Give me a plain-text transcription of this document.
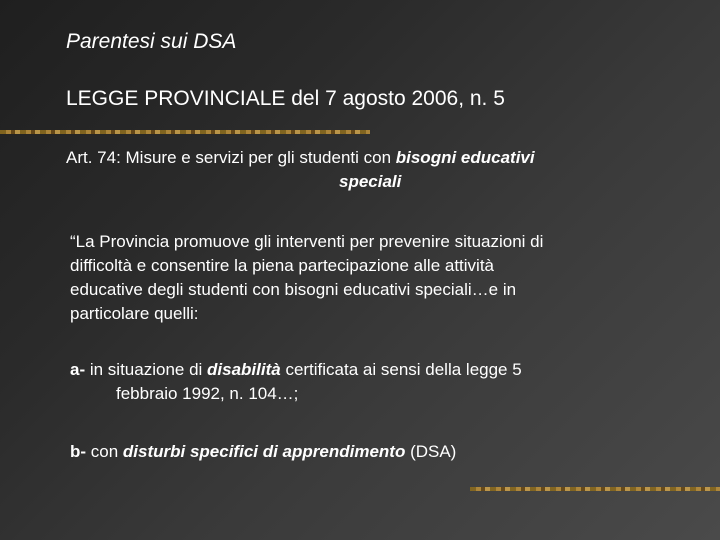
Parentesi sui DSA
LEGGE PROVINCIALE del 7 agosto 2006, n. 5
Art. 74: Misure e servizi per gli studenti con bisogni educativi
speciali
“La Provincia promuove gli interventi per prevenire situazioni di
difficoltà e consentire la piena partecipazione alle attività
educative degli studenti con bisogni educativi speciali…e in
particolare quelli:
a- in situazione di disabilità certificata ai sensi della legge 5
febbraio 1992, n. 104…;
b- con disturbi specifici di apprendimento (DSA)
